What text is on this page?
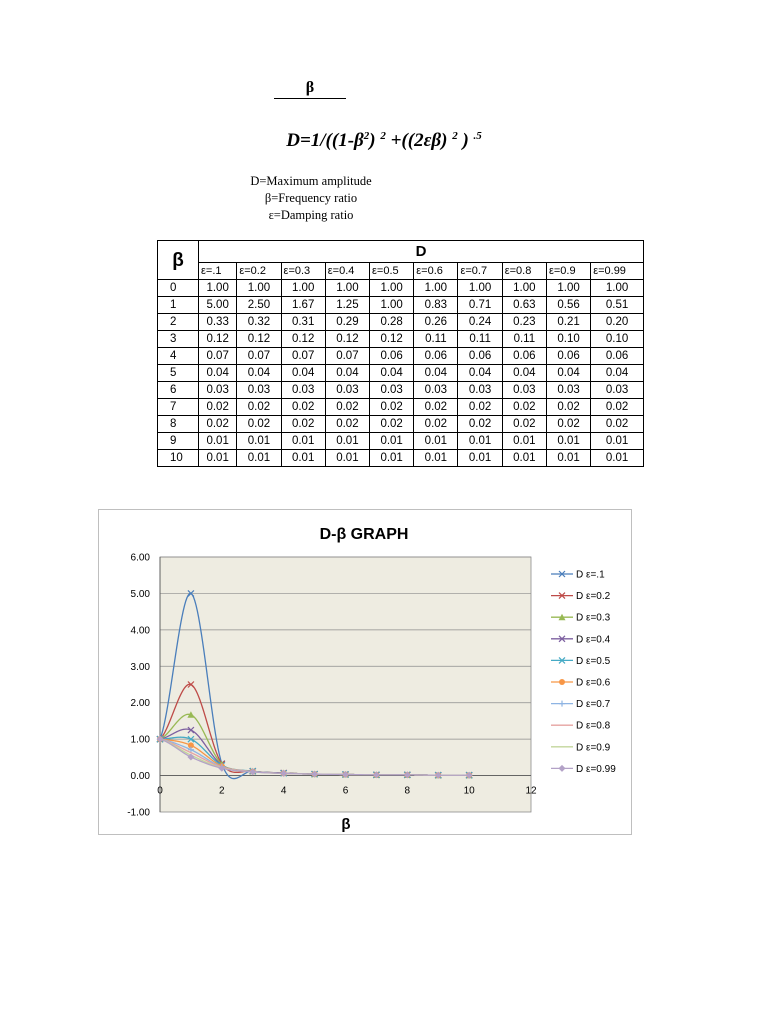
β
$D=1/((1-\beta^2)$ $^2$ +((2εβ) $^2$ ) $^{.5}$
D=Maximum amplitude
β=Frequency ratio
ε=Damping ratio
β	D									
	ε=.1	ε=0.2	ε=0.3	ε=0.4	ε=0.5	ε=0.6	ε=0.7	ε=0.8	ε=0.9	ε=0.99
0	1.00	1.00	1.00	1.00	1.00	1.00	1.00	1.00	1.00	1.00
1	5.00	2.50	1.67	1.25	1.00	0.83	0.71	0.63	0.56	0.51
2	0.33	0.32	0.31	0.29	0.28	0.26	0.24	0.23	0.21	0.20
3	0.12	0.12	0.12	0.12	0.12	0.11	0.11	0.11	0.10	0.10
4	0.07	0.07	0.07	0.07	0.06	0.06	0.06	0.06	0.06	0.06
5	0.04	0.04	0.04	0.04	0.04	0.04	0.04	0.04	0.04	0.04
6	0.03	0.03	0.03	0.03	0.03	0.03	0.03	0.03	0.03	0.03
7	0.02	0.02	0.02	0.02	0.02	0.02	0.02	0.02	0.02	0.02
8	0.02	0.02	0.02	0.02	0.02	0.02	0.02	0.02	0.02	0.02
9	0.01	0.01	0.01	0.01	0.01	0.01	0.01	0.01	0.01	0.01
10	0.01	0.01	0.01	0.01	0.01	0.01	0.01	0.01	0.01	0.01
D-β GRAPH
-1.00
0.00
1.00
2.00
3.00
4.00
5.00
6.00
0	2	4	6	8	10	12
D ε=.1
D ε=0.2
D ε=0.3
D ε=0.4
D ε=0.5
D ε=0.6
D ε=0.7
D ε=0.8
D ε=0.9
D ε=0.99
β
